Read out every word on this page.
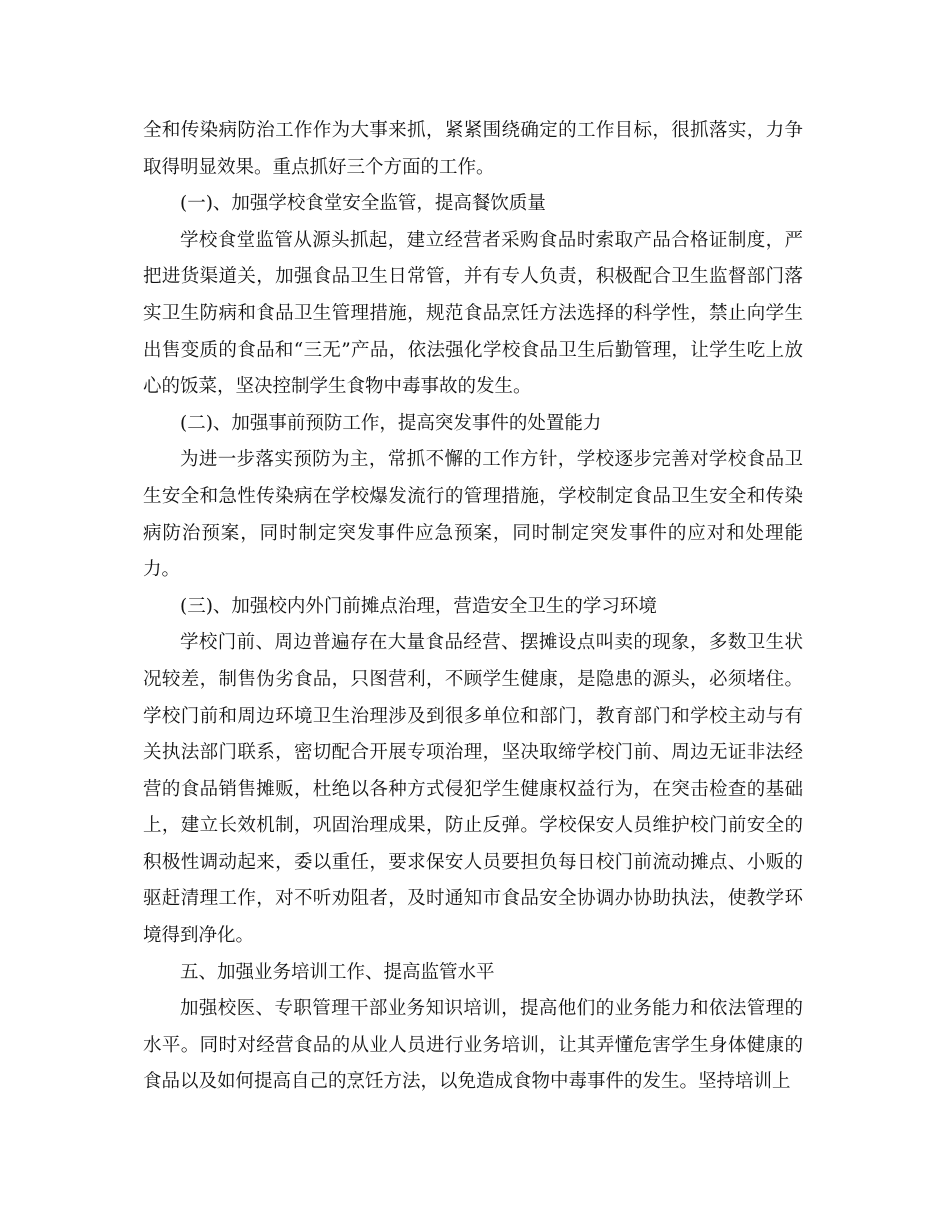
全和传染病防治工作作为大事来抓，紧紧围绕确定的工作目标，很抓落实，力争取得明显效果。重点抓好三个方面的工作。

(一)、加强学校食堂安全监管，提高餐饮质量

学校食堂监管从源头抓起，建立经营者采购食品时索取产品合格证制度，严把进货渠道关，加强食品卫生日常管，并有专人负责，积极配合卫生监督部门落实卫生防病和食品卫生管理措施，规范食品烹饪方法选择的科学性，禁止向学生出售变质的食品和“三无”产品，依法强化学校食品卫生后勤管理，让学生吃上放心的饭菜，坚决控制学生食物中毒事故的发生。

(二)、加强事前预防工作，提高突发事件的处置能力

为进一步落实预防为主，常抓不懈的工作方针，学校逐步完善对学校食品卫生安全和急性传染病在学校爆发流行的管理措施，学校制定食品卫生安全和传染病防治预案，同时制定突发事件应急预案，同时制定突发事件的应对和处理能力。

(三)、加强校内外门前摊点治理，营造安全卫生的学习环境

学校门前、周边普遍存在大量食品经营、摆摊设点叫卖的现象，多数卫生状况较差，制售伪劣食品，只图营利，不顾学生健康，是隐患的源头，必须堵住。学校门前和周边环境卫生治理涉及到很多单位和部门，教育部门和学校主动与有关执法部门联系，密切配合开展专项治理，坚决取缔学校门前、周边无证非法经营的食品销售摊贩，杜绝以各种方式侵犯学生健康权益行为，在突击检查的基础上，建立长效机制，巩固治理成果，防止反弹。学校保安人员维护校门前安全的积极性调动起来，委以重任，要求保安人员要担负每日校门前流动摊点、小贩的驱赶清理工作，对不听劝阻者，及时通知市食品安全协调办协助执法，使教学环境得到净化。

五、加强业务培训工作、提高监管水平

加强校医、专职管理干部业务知识培训，提高他们的业务能力和依法管理的水平。同时对经营食品的从业人员进行业务培训，让其弄懂危害学生身体健康的食品以及如何提高自己的烹饪方法，以免造成食物中毒事件的发生。坚持培训上
